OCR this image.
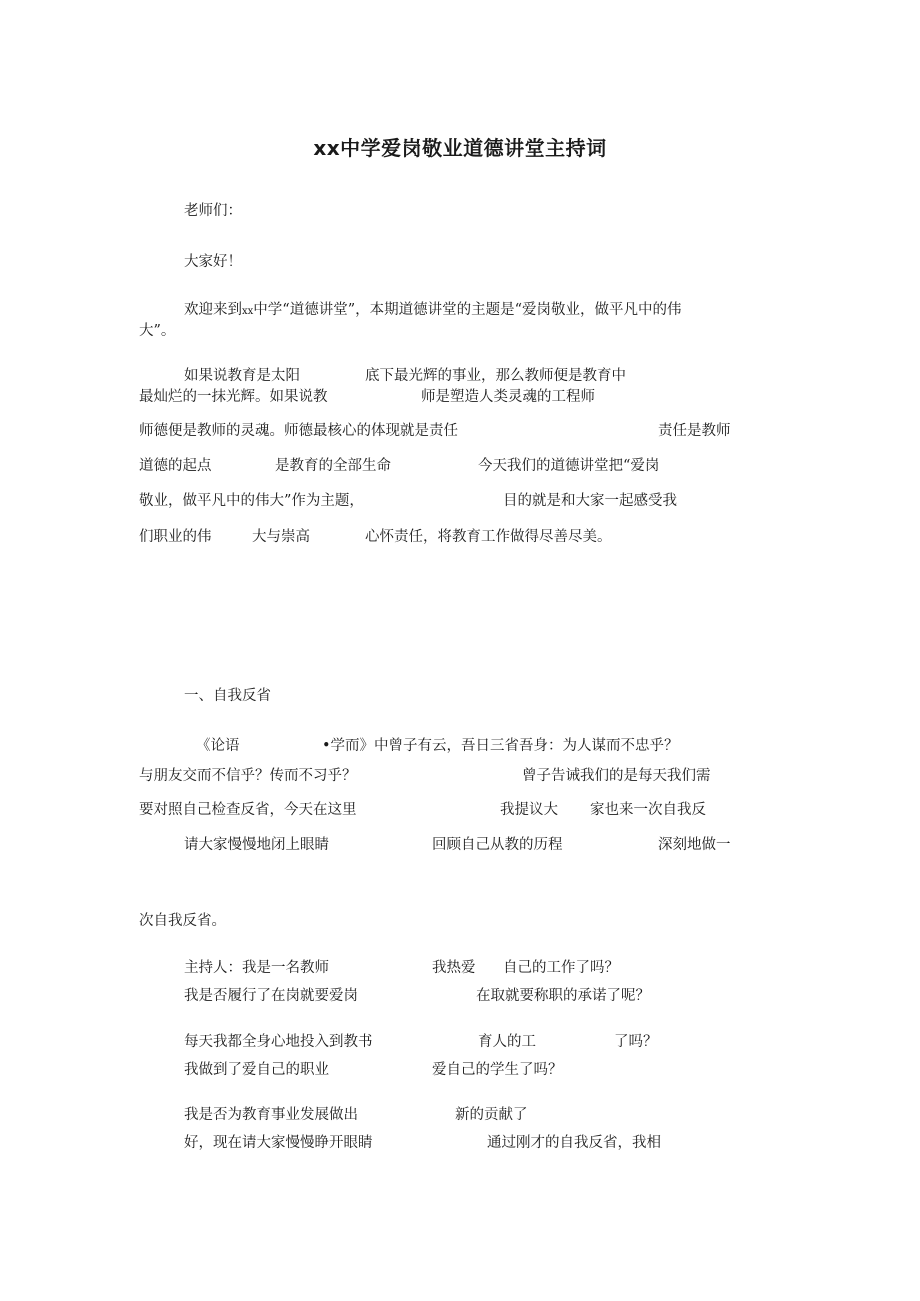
xx中学爱岗敬业道德讲堂主持词
老师们：
大家好！
欢迎来到xx中学“道德讲堂”，本期道德讲堂的主题是“爱岗敬业，做平凡中的伟
大”。
如果说教育是太阳	底下最光辉的事业，那么教师便是教育中
最灿烂的一抹光辉。如果说教	师是塑造人类灵魂的工程师
师德便是教师的灵魂。师德最核心的体现就是责任	责任是教师
道德的起点	是教育的全部生命	今天我们的道德讲堂把“爱岗
敬业，做平凡中的伟大”作为主题，	目的就是和大家一起感受我
们职业的伟	大与崇高	心怀责任，将教育工作做得尽善尽美。
一、自我反省
《论语	•学而》中曾子有云，吾日三省吾身：为人谋而不忠乎？
与朋友交而不信乎？传而不习乎？	曾子告诫我们的是每天我们需
要对照自己检查反省，今天在这里	我提议大 家也来一次自我反
请大家慢慢地闭上眼睛	回顾自己从教的历程	深刻地做一
次自我反省。
主持人：我是一名教师	我热爱 自己的工作了吗？
我是否履行了在岗就要爱岗	在取就要称职的承诺了呢？
每天我都全身心地投入到教书	育人的工	了吗？
我做到了爱自己的职业	爱自己的学生了吗？
我是否为教育事业发展做出	新的贡献了
好，现在请大家慢慢睁开眼睛	通过刚才的自我反省，我相
